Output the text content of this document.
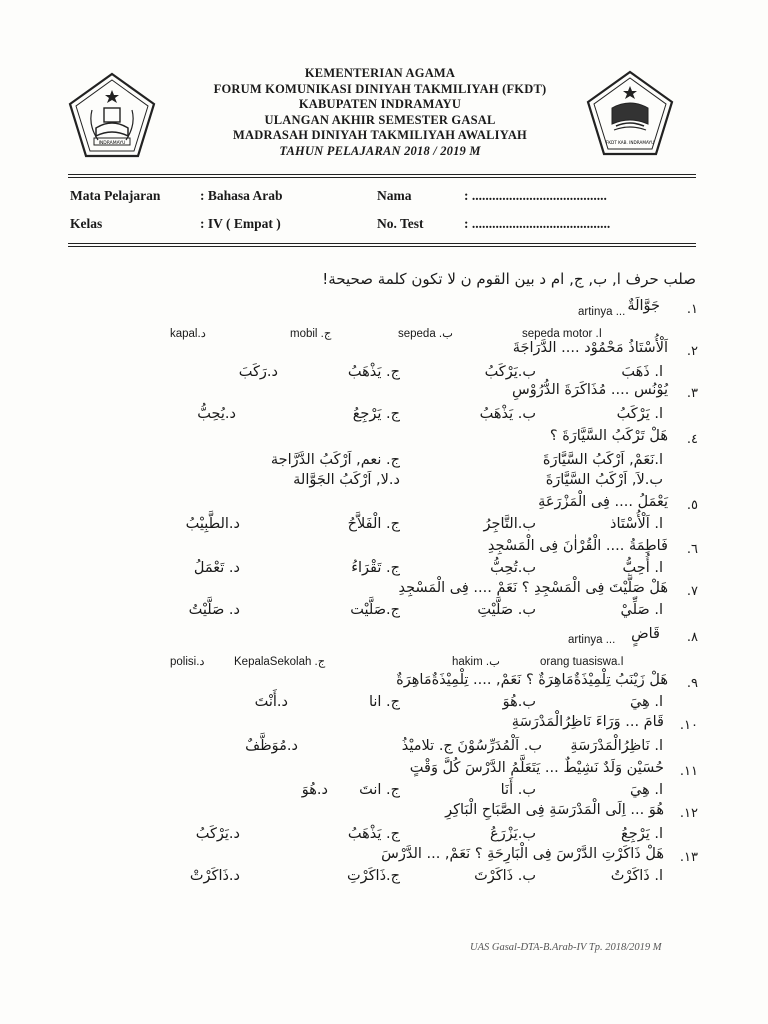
INDRAMAYU	FKDT KAB. INDRAMAYU
KEMENTERIAN AGAMA
FORUM KOMUNIKASI DINIYAH TAKMILIYAH (FKDT)
KABUPATEN INDRAMAYU
ULANGAN AKHIR SEMESTER GASAL
MADRASAH DINIYAH TAKMILIYAH AWALIYAH
TAHUN PELAJARAN 2018 / 2019 M
Mata Pelajaran	: Bahasa Arab	Nama	: ........................................
Kelas	: IV ( Empat )	No. Test	: .........................................
صلب حرف ا, ب, ج, ام د بين القوم ن لا تكون كلمة صحيحة!
.١
جَوَّالَةٌ
artinya ...
sepeda motor .ا
sepeda .ب
mobil .ج
kapal.د
.٢
اَلْأُسْتَاذُ مَحْمُوْد .... الدَّرَاجَةَ
ا. ذَهَبَ
ب.يَرْكَبُ
ج. يَذْهَبُ
د.رَكَبَ
.٣
يُوْنُس .... مُذَاكَرَةَ الدُّرُوْسِ
ا. يَرْكَبُ
ب. يَذْهَبُ
ج. يَرْجِعُ
د.يُحِبُّ
.٤
هَلْ تَرْكَبُ السَّيَّارَةَ ؟
ا.نَعَمْ, اَرْكَبُ السَّيَّارَةَ
ب.لاَ, اَرْكَبُ السَّيَّارَةَ
ج. نعم, اَرْكَبُ الدَّرَّاجة
د.لا, اَرْكَبُ الجَوَّالة
.٥
يَعْمَلُ .... فِى الْمَزْرَعَةِ
ا. اَلْأُسْتَاذ
ب.التَّاجِرُ
ج. الْفَلاَّحُ
د.الطَّبِيْبُ
.٦
فَاطِمَةُ .... الْقُرْاٰنَ فِى الْمَسْجِدِ
ا. أُحِبُّ
ب.تُحِبُّ
ج. تَقْرَاءُ
د. تَعْمَلُ
.٧
هَلْ صَلَّيْتَ فِى الْمَسْجِدِ ؟ نَعَمْ .... فِى الْمَسْجِدِ
ا. صَلِّيْ
ب. صَلَّيْتِ
ج.صَلَّيْت
د. صَلَّيْتُ
.٨
قَاضٍ
artinya ...
orang tuasiswa.ا
hakim .ب
KepalaSekolah .ج
polisi.د
.٩
هَلْ زَيْنَبُ تِلْمِيْذَةٌمَاهِرَةٌ ؟ نَعَمْ, .... تِلْمِيْذَةٌمَاهِرَةٌ
ا. هِيَ
ب.هُوَ
ج. انا
د.أَنْتَ
.١٠
قَامَ ... وَرَاءَ نَاظِرُالْمَدْرَسَةِ
ا. نَاظِرُالْمَدْرَسَةِ
ب. اَلْمُدَرِّسُوْنَ ج. تلاميْذُ
د.مُوَظَّفٌ
.١١
حُسَيْن وَلَدٌ نَشِيْطٌ ... يَتَعَلَّمُ الدَّرْسَ كُلَّ وَقْتٍ
ا. هِيَ
ب. أَنَا
ج. انتَ
د.هُوَ
.١٢
هُوَ ... اِلَى الْمَدْرَسَةِ فِى الصَّبَاحِ الْبَاكِرِ
ا. يَرْجِعُ
ب.يَزْرَعُ
ج. يَذْهَبُ
د.يَرْكَبُ
.١٣
هَلْ ذَاكَرْتِ الدَّرْسَ فِى الْبَارِحَةِ ؟ نَعَمْ, ... الدَّرْسَ
ا. ذَاكَرْتُ
ب. ذَاكَرْتَ
ج.ذَاكَرْتِ
د.ذَاكَرْتْ
UAS Gasal-DTA-B.Arab-IV Tp. 2018/2019 M
